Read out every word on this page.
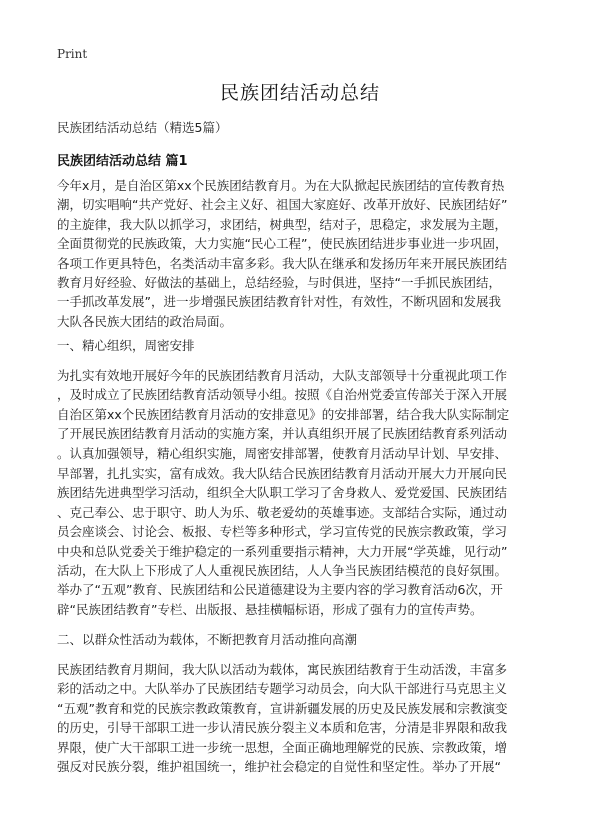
Print
民族团结活动总结
民族团结活动总结（精选5篇）
民族团结活动总结 篇1
今年x月，是自治区第xx个民族团结教育月。为在大队掀起民族团结的宣传教育热
潮，切实唱响“共产党好、社会主义好、祖国大家庭好、改革开放好、民族团结好”
的主旋律，我大队以抓学习，求团结，树典型，结对子，思稳定，求发展为主题，
全面贯彻党的民族政策，大力实施“民心工程”，使民族团结进步事业进一步巩固，
各项工作更具特色，名类活动丰富多彩。我大队在继承和发扬历年来开展民族团结
教育月好经验、好做法的基础上，总结经验，与时俱进，坚持“一手抓民族团结，
一手抓改革发展”，进一步增强民族团结教育针对性，有效性，不断巩固和发展我
大队各民族大团结的政治局面。
一、精心组织，周密安排
为扎实有效地开展好今年的民族团结教育月活动，大队支部领导十分重视此项工作
，及时成立了民族团结教育活动领导小组。按照《自治州党委宣传部关于深入开展
自治区第xx个民族团结教育月活动的安排意见》的安排部署，结合我大队实际制定
了开展民族团结教育月活动的实施方案，并认真组织开展了民族团结教育系列活动
。认真加强领导，精心组织实施，周密安排部署，使教育月活动早计划、早安排、
早部署，扎扎实实，富有成效。我大队结合民族团结教育月活动开展大力开展向民
族团结先进典型学习活动，组织全大队职工学习了舍身救人、爱党爱国、民族团结
、克己奉公、忠于职守、助人为乐、敬老爱幼的英雄事迹。支部结合实际，通过动
员会座谈会、讨论会、板报、专栏等多种形式，学习宣传党的民族宗教政策，学习
中央和总队党委关于维护稳定的一系列重要指示精神，大力开展“学英雄，见行动”
活动，在大队上下形成了人人重视民族团结，人人争当民族团结模范的良好氛围。
举办了“五观”教育、民族团结和公民道德建设为主要内容的学习教育活动6次，开
辟“民族团结教育”专栏、出版报、悬挂横幅标语，形成了强有力的宣传声势。
二、以群众性活动为载体，不断把教育月活动推向高潮
民族团结教育月期间，我大队以活动为载体，寓民族团结教育于生动活泼，丰富多
彩的活动之中。大队举办了民族团结专题学习动员会，向大队干部进行马克思主义
“五观”教育和党的民族宗教政策教育，宣讲新疆发展的历史及民族发展和宗教演变
的历史，引导干部职工进一步认清民族分裂主义本质和危害，分清是非界限和敌我
界限，使广大干部职工进一步统一思想，全面正确地理解党的民族、宗教政策，增
强反对民族分裂，维护祖国统一，维护社会稳定的自觉性和坚定性。举办了开展“
